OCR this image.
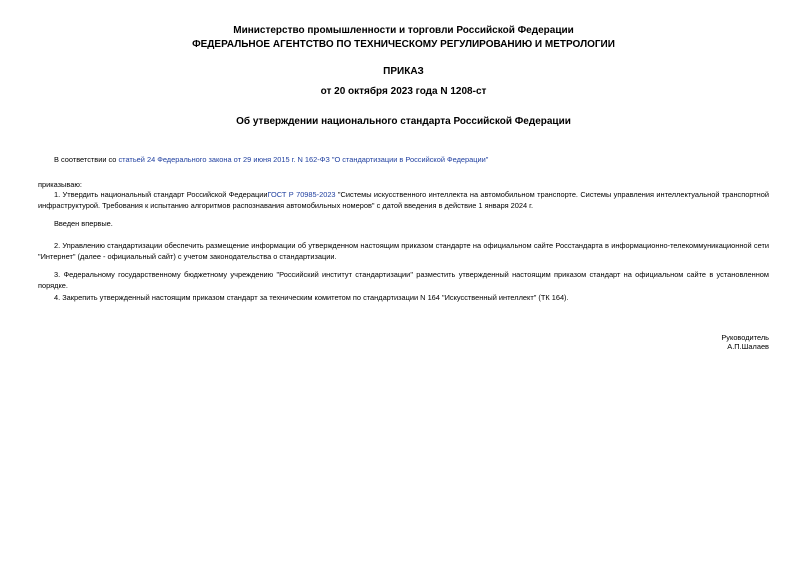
Министерство промышленности и торговли Российской Федерации
ФЕДЕРАЛЬНОЕ АГЕНТСТВО ПО ТЕХНИЧЕСКОМУ РЕГУЛИРОВАНИЮ И МЕТРОЛОГИИ
ПРИКАЗ
от 20 октября 2023 года N 1208-ст
Об утверждении национального стандарта Российской Федерации
В соответствии со статьей 24 Федерального закона от 29 июня 2015 г. N 162-ФЗ "О стандартизации в Российской Федерации"
приказываю:
1. Утвердить национальный стандарт Российской ФедерацииГОСТ Р 70985-2023 "Системы искусственного интеллекта на автомобильном транспорте. Системы управления интеллектуальной транспортной инфраструктурой. Требования к испытанию алгоритмов распознавания автомобильных номеров" с датой введения в действие 1 января 2024 г.
Введен впервые.
2. Управлению стандартизации обеспечить размещение информации об утвержденном настоящим приказом стандарте на официальном сайте Росстандарта в информационно-телекоммуникационной сети "Интернет" (далее - официальный сайт) с учетом законодательства о стандартизации.
3. Федеральному государственному бюджетному учреждению "Российский институт стандартизации" разместить утвержденный настоящим приказом стандарт на официальном сайте в установленном порядке.
4. Закрепить утвержденный настоящим приказом стандарт за техническим комитетом по стандартизации N 164 "Искусственный интеллект" (ТК 164).
Руководитель
А.П.Шалаев
